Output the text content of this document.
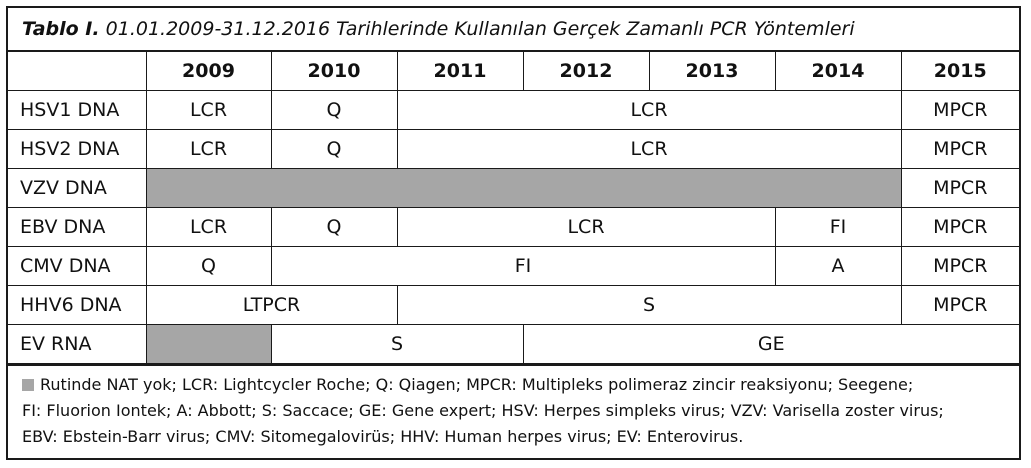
Tablo I. 01.01.2009-31.12.2016 Tarihlerinde Kullanılan Gerçek Zamanlı PCR Yöntemleri
	2009	2010	2011	2012	2013	2014	2015
HSV1 DNA	LCR	Q	LCR				MPCR
HSV2 DNA	LCR	Q	LCR				MPCR
VZV DNA							MPCR
EBV DNA	LCR	Q	LCR			FI	MPCR
CMV DNA	Q	FI				A	MPCR
HHV6 DNA	LTPCR		S				MPCR
EV RNA		S		GE			
Rutinde NAT yok; LCR: Lightcycler Roche; Q: Qiagen; MPCR: Multipleks polimeraz zincir reaksiyonu; Seegene;
FI: Fluorion Iontek; A: Abbott; S: Saccace; GE: Gene expert; HSV: Herpes simpleks virus; VZV: Varisella zoster virus;
EBV: Ebstein-Barr virus; CMV: Sitomegalovirüs; HHV: Human herpes virus; EV: Enterovirus.
